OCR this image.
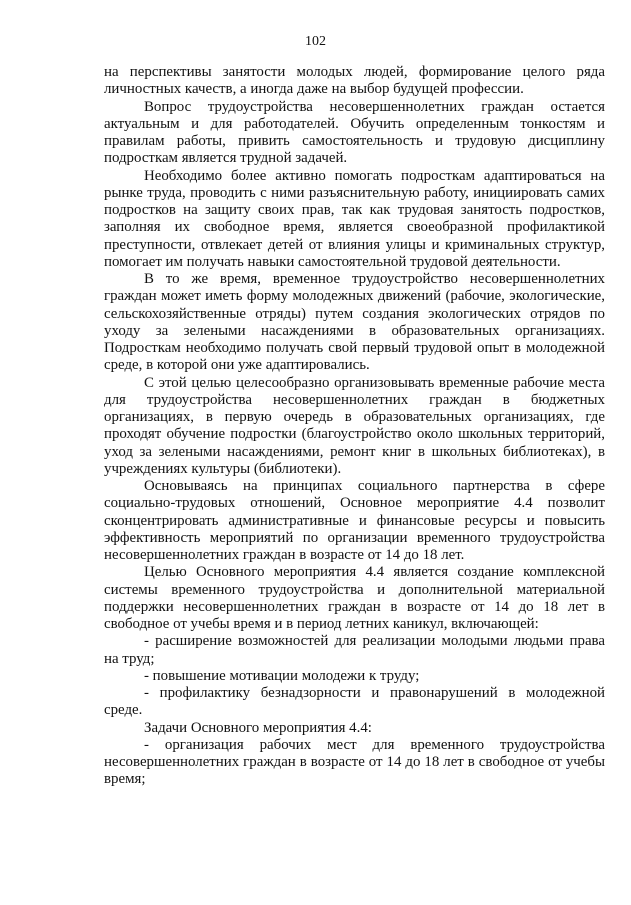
102

на перспективы занятости молодых людей, формирование целого ряда личностных качеств, а иногда даже на выбор будущей профессии.

Вопрос трудоустройства несовершеннолетних граждан остается актуальным и для работодателей. Обучить определенным тонкостям и правилам работы, привить самостоятельность и трудовую дисциплину подросткам является трудной задачей.

Необходимо более активно помогать подросткам адаптироваться на рынке труда, проводить с ними разъяснительную работу, инициировать самих подростков на защиту своих прав, так как трудовая занятость подростков, заполняя их свободное время, является своеобразной профилактикой преступности, отвлекает детей от влияния улицы и криминальных структур, помогает им получать навыки самостоятельной трудовой деятельности.

В то же время, временное трудоустройство несовершеннолетних граждан может иметь форму молодежных движений (рабочие, экологические, сельскохозяйственные отряды) путем создания экологических отрядов по уходу за зелеными насаждениями в образовательных организациях. Подросткам необходимо получать свой первый трудовой опыт в молодежной среде, в которой они уже адаптировались.

С этой целью целесообразно организовывать временные рабочие места для трудоустройства несовершеннолетних граждан в бюджетных организациях, в первую очередь в образовательных организациях, где проходят обучение подростки (благоустройство около школьных территорий, уход за зелеными насаждениями, ремонт книг в школьных библиотеках), в учреждениях культуры (библиотеки).

Основываясь на принципах социального партнерства в сфере социально-трудовых отношений, Основное мероприятие 4.4 позволит сконцентрировать административные и финансовые ресурсы и повысить эффективность мероприятий по организации временного трудоустройства несовершеннолетних граждан в возрасте от 14 до 18 лет.

Целью Основного мероприятия 4.4 является создание комплексной системы временного трудоустройства и дополнительной материальной поддержки несовершеннолетних граждан в возрасте от 14 до 18 лет в свободное от учебы время и в период летних каникул, включающей:

- расширение возможностей для реализации молодыми людьми права на труд;

- повышение мотивации молодежи к труду;

- профилактику безнадзорности и правонарушений в молодежной среде.

Задачи Основного мероприятия 4.4:

- организация рабочих мест для временного трудоустройства несовершеннолетних граждан в возрасте от 14 до 18 лет в свободное от учебы время;
